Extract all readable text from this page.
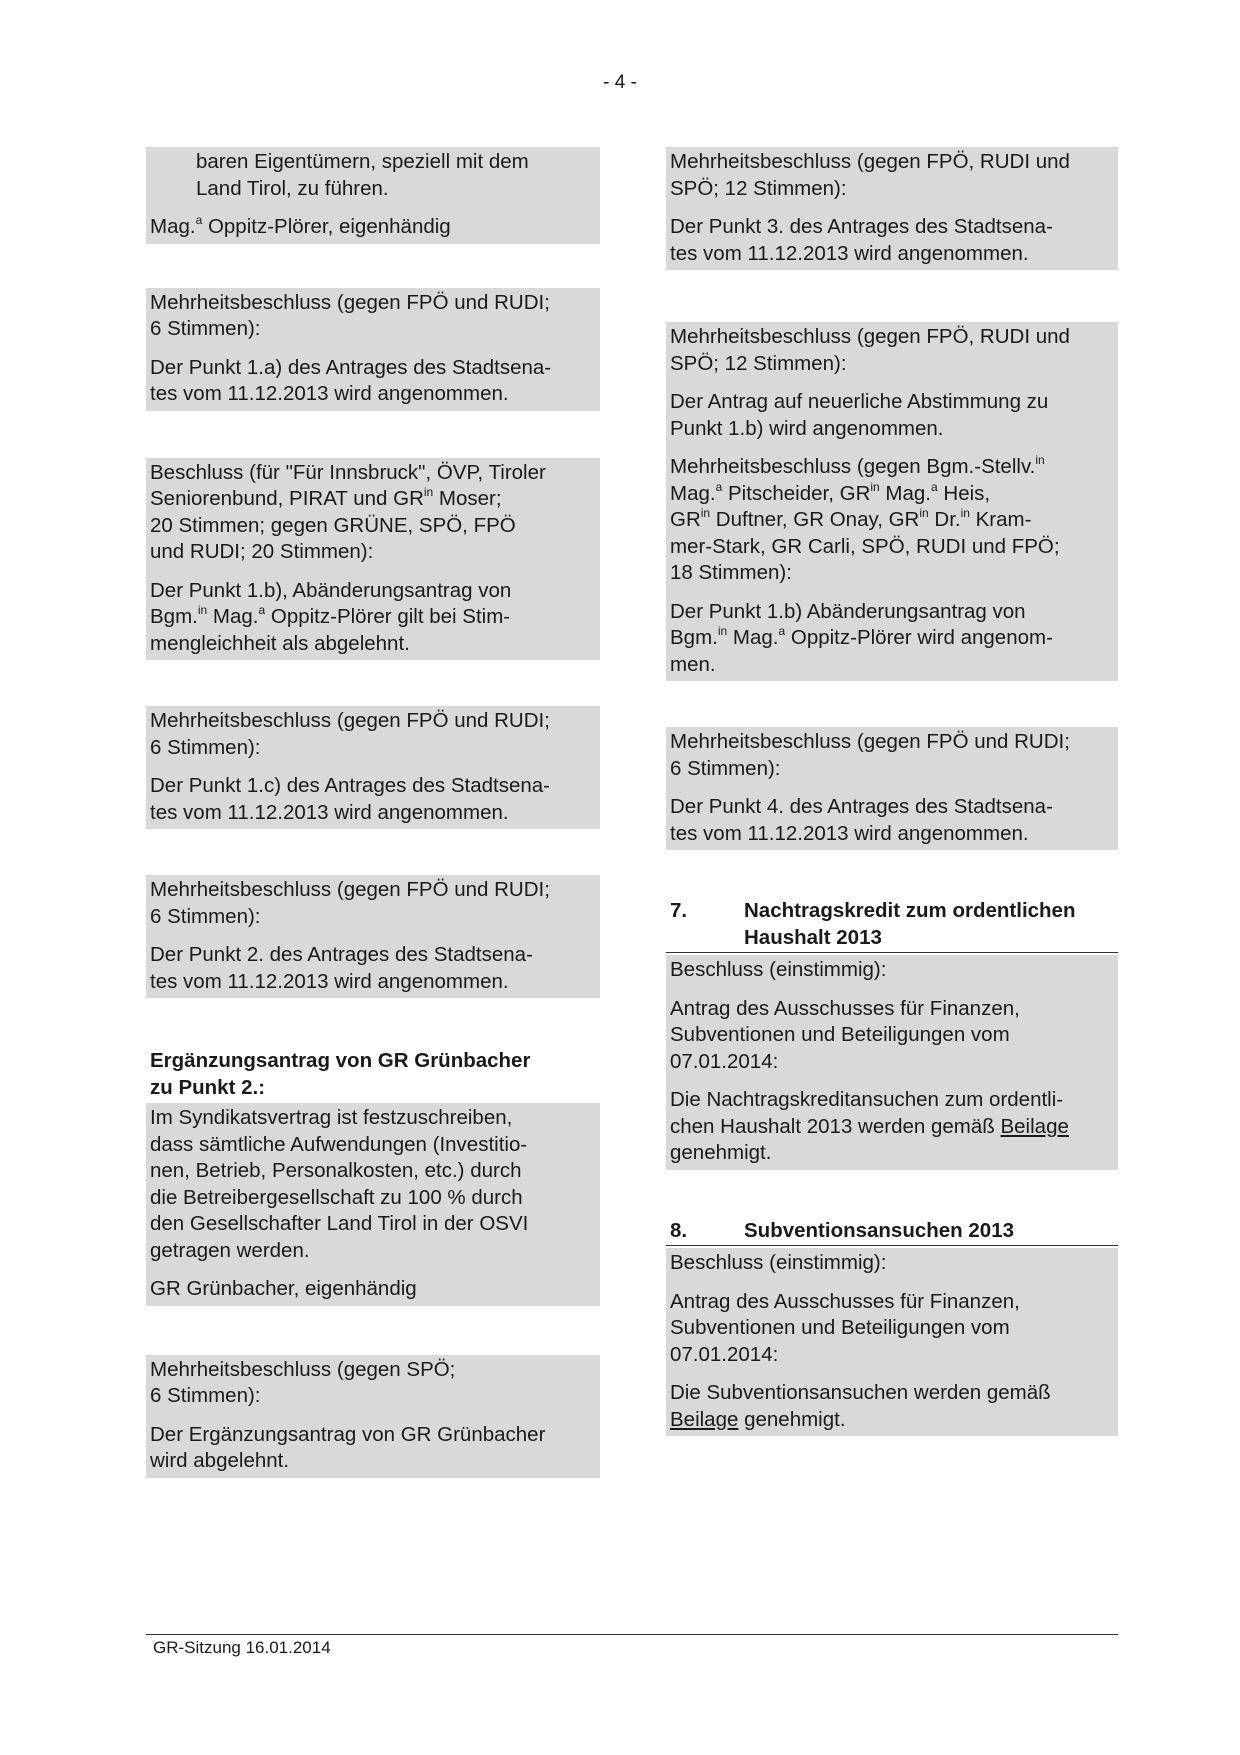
- 4 -

baren Eigentümern, speziell mit dem
Land Tirol, zu führen.

Mag.$^a$ Oppitz-Plörer, eigenhändig

Mehrheitsbeschluss (gegen FPÖ und RUDI;
6 Stimmen):

Der Punkt 1.a) des Antrages des Stadtsena-
tes vom 11.12.2013 wird angenommen.

Beschluss (für "Für Innsbruck", ÖVP, Tiroler
Seniorenbund, PIRAT und $GR^{in}$ Moser;
20 Stimmen; gegen GRÜNE, SPÖ, FPÖ
und RUDI; 20 Stimmen):

Der Punkt 1.b), Abänderungsantrag von
Bgm.$^{in}$ Mag.$^a$ Oppitz-Plörer gilt bei Stim-
mengleichheit als abgelehnt.

Mehrheitsbeschluss (gegen FPÖ und RUDI;
6 Stimmen):

Der Punkt 1.c) des Antrages des Stadtsena-
tes vom 11.12.2013 wird angenommen.

Mehrheitsbeschluss (gegen FPÖ und RUDI;
6 Stimmen):

Der Punkt 2. des Antrages des Stadtsena-
tes vom 11.12.2013 wird angenommen.

Ergänzungsantrag von GR Grünbacher
zu Punkt 2.:

Im Syndikatsvertrag ist festzuschreiben,
dass sämtliche Aufwendungen (Investitio-
nen, Betrieb, Personalkosten, etc.) durch
die Betreibergesellschaft zu 100 % durch
den Gesellschafter Land Tirol in der OSVI
getragen werden.

GR Grünbacher, eigenhändig

Mehrheitsbeschluss (gegen SPÖ;
6 Stimmen):

Der Ergänzungsantrag von GR Grünbacher
wird abgelehnt.

Mehrheitsbeschluss (gegen FPÖ, RUDI und
SPÖ; 12 Stimmen):

Der Punkt 3. des Antrages des Stadtsena-
tes vom 11.12.2013 wird angenommen.

Mehrheitsbeschluss (gegen FPÖ, RUDI und
SPÖ; 12 Stimmen):

Der Antrag auf neuerliche Abstimmung zu
Punkt 1.b) wird angenommen.

Mehrheitsbeschluss (gegen Bgm.-Stellv.$^{in}$
Mag.$^a$ Pitscheider, $GR^{in}$ Mag.$^a$ Heis,
$GR^{in}$ Duftner, GR Onay, $GR^{in}$ Dr.$^{in}$ Kram-
mer-Stark, GR Carli, SPÖ, RUDI und FPÖ;
18 Stimmen):

Der Punkt 1.b) Abänderungsantrag von
Bgm.$^{in}$ Mag.$^a$ Oppitz-Plörer wird angenom-
men.

Mehrheitsbeschluss (gegen FPÖ und RUDI;
6 Stimmen):

Der Punkt 4. des Antrages des Stadtsena-
tes vom 11.12.2013 wird angenommen.

7.	Nachtragskredit zum ordentlichen
Haushalt 2013

Beschluss (einstimmig):

Antrag des Ausschusses für Finanzen,
Subventionen und Beteiligungen vom
07.01.2014:

Die Nachtragskreditansuchen zum ordentli-
chen Haushalt 2013 werden gemäß Beilage
genehmigt.

8.	Subventionsansuchen 2013

Beschluss (einstimmig):

Antrag des Ausschusses für Finanzen,
Subventionen und Beteiligungen vom
07.01.2014:

Die Subventionsansuchen werden gemäß
Beilage genehmigt.

GR-Sitzung 16.01.2014
